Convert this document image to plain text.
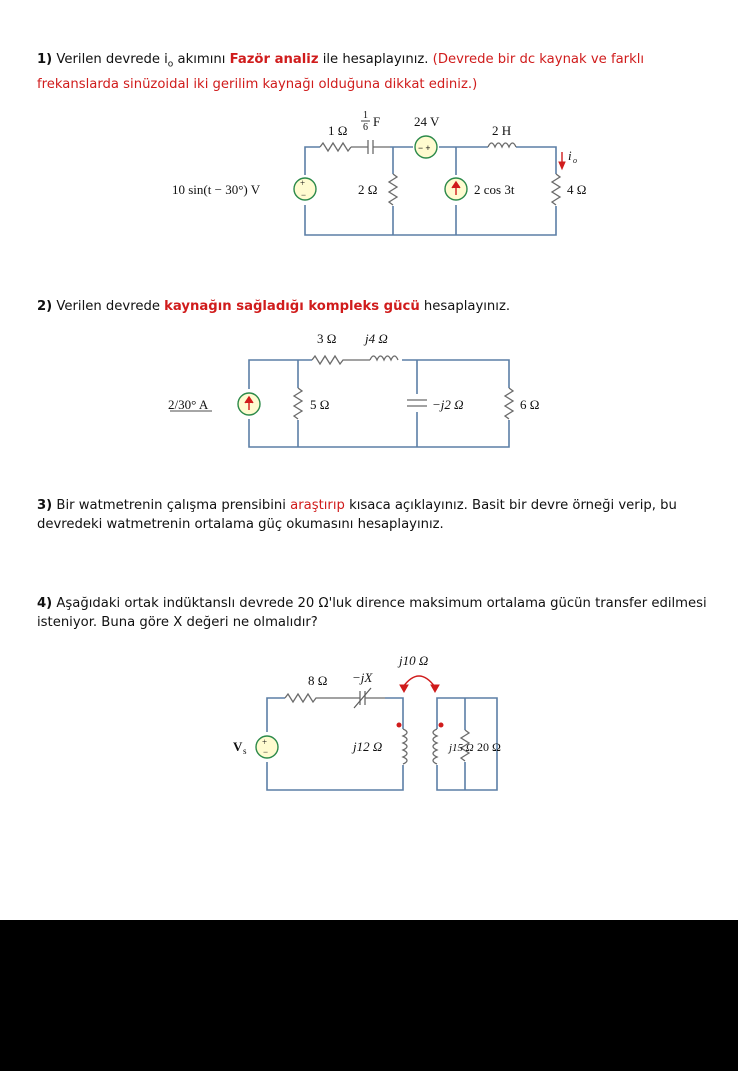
1) Verilen devrede $i_o$ akımını Fazör analiz ile hesaplayınız. (Devrede bir dc kaynak ve farklı frekanslarda sinüzoidal iki gerilim kaynağı olduğuna dikkat ediniz.)
+
−
10 sin(t − 30°) V
1 Ω
1
6 F	24 V
− +
2 H
2 Ω	2 cos 3t	4 Ω
i o
2) Verilen devrede kaynağın sağladığı kompleks gücü hesaplayınız.
2/30° A
3 Ω j4 Ω
5 Ω	−j2 Ω	6 Ω
3) Bir watmetrenin çalışma prensibini araştırıp kısaca açıklayınız. Basit bir devre örneği verip, bu devredeki watmetrenin ortalama güç okumasını hesaplayınız.
4) Aşağıdaki ortak indüktanslı devrede 20 Ω'luk dirence maksimum ortalama gücün transfer edilmesi isteniyor. Buna göre X değeri ne olmalıdır?
+
−
j10 Ω
8 Ω −jX
V s	j12 Ω	j15 Ω 20 Ω
